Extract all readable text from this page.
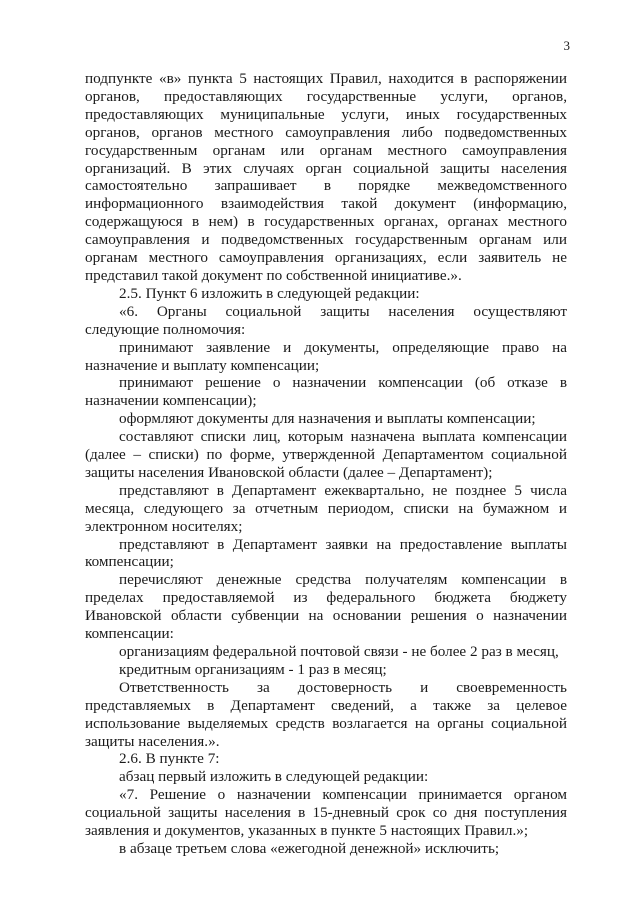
3

подпункте «в» пункта 5 настоящих Правил, находится в распоряжении органов, предоставляющих государственные услуги, органов, предоставляющих муниципальные услуги, иных государственных органов, органов местного самоуправления либо подведомственных государственным органам или органам местного самоуправления организаций. В этих случаях орган социальной защиты населения самостоятельно запрашивает в порядке межведомственного информационного взаимодействия такой документ (информацию, содержащуюся в нем) в государственных органах, органах местного самоуправления и подведомственных государственным органам или органам местного самоуправления организациях, если заявитель не представил такой документ по собственной инициативе.».

2.5. Пункт 6 изложить в следующей редакции:

«6. Органы социальной защиты населения осуществляют следующие полномочия:

принимают заявление и документы, определяющие право на назначение и выплату компенсации;

принимают решение о назначении компенсации (об отказе в назначении компенсации);

оформляют документы для назначения и выплаты компенсации;

составляют списки лиц, которым назначена выплата компенсации (далее – списки) по форме, утвержденной Департаментом социальной защиты населения Ивановской области (далее – Департамент);

представляют в Департамент ежеквартально, не позднее 5 числа месяца, следующего за отчетным периодом, списки на бумажном и электронном носителях;

представляют в Департамент заявки на предоставление выплаты компенсации;

перечисляют денежные средства получателям компенсации в пределах предоставляемой из федерального бюджета бюджету Ивановской области субвенции на основании решения о назначении компенсации:

организациям федеральной почтовой связи - не более 2 раз в месяц,

кредитным организациям - 1 раз в месяц;

Ответственность за достоверность и своевременность представляемых в Департамент сведений, а также за целевое использование выделяемых средств возлагается на органы социальной защиты населения.».

2.6. В пункте 7:

абзац первый изложить в следующей редакции:

«7. Решение о назначении компенсации принимается органом социальной защиты населения в 15-дневный срок со дня поступления заявления и документов, указанных в пункте 5 настоящих Правил.»;

в абзаце третьем слова «ежегодной денежной» исключить;
